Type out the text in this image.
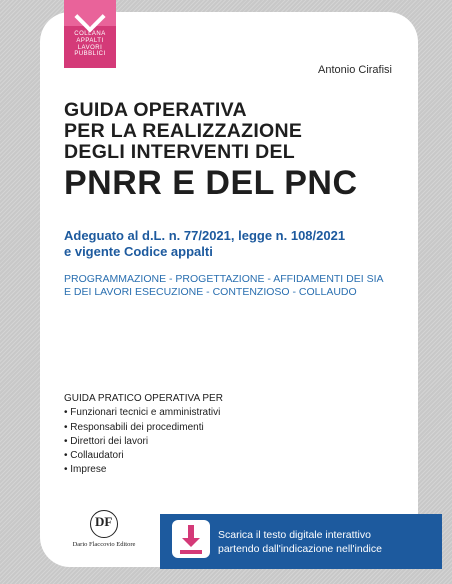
COLLANA
APPALTI
LAVORI
PUBBLICI
Antonio Cirafisi
GUIDA OPERATIVA
PER LA REALIZZAZIONE
DEGLI INTERVENTI DEL
PNRR E DEL PNC
Adeguato al d.L. n. 77/2021, legge n. 108/2021
e vigente Codice appalti
PROGRAMMAZIONE - PROGETTAZIONE - AFFIDAMENTI DEI SIA
E DEI LAVORI ESECUZIONE - CONTENZIOSO - COLLAUDO
GUIDA PRATICO OPERATIVA PER
• Funzionari tecnici e amministrativi
• Responsabili dei procedimenti
• Direttori dei lavori
• Collaudatori
• Imprese
DF
Dario Flaccovio Editore
Scarica il testo digitale interattivo
partendo dall'indicazione nell'indice
